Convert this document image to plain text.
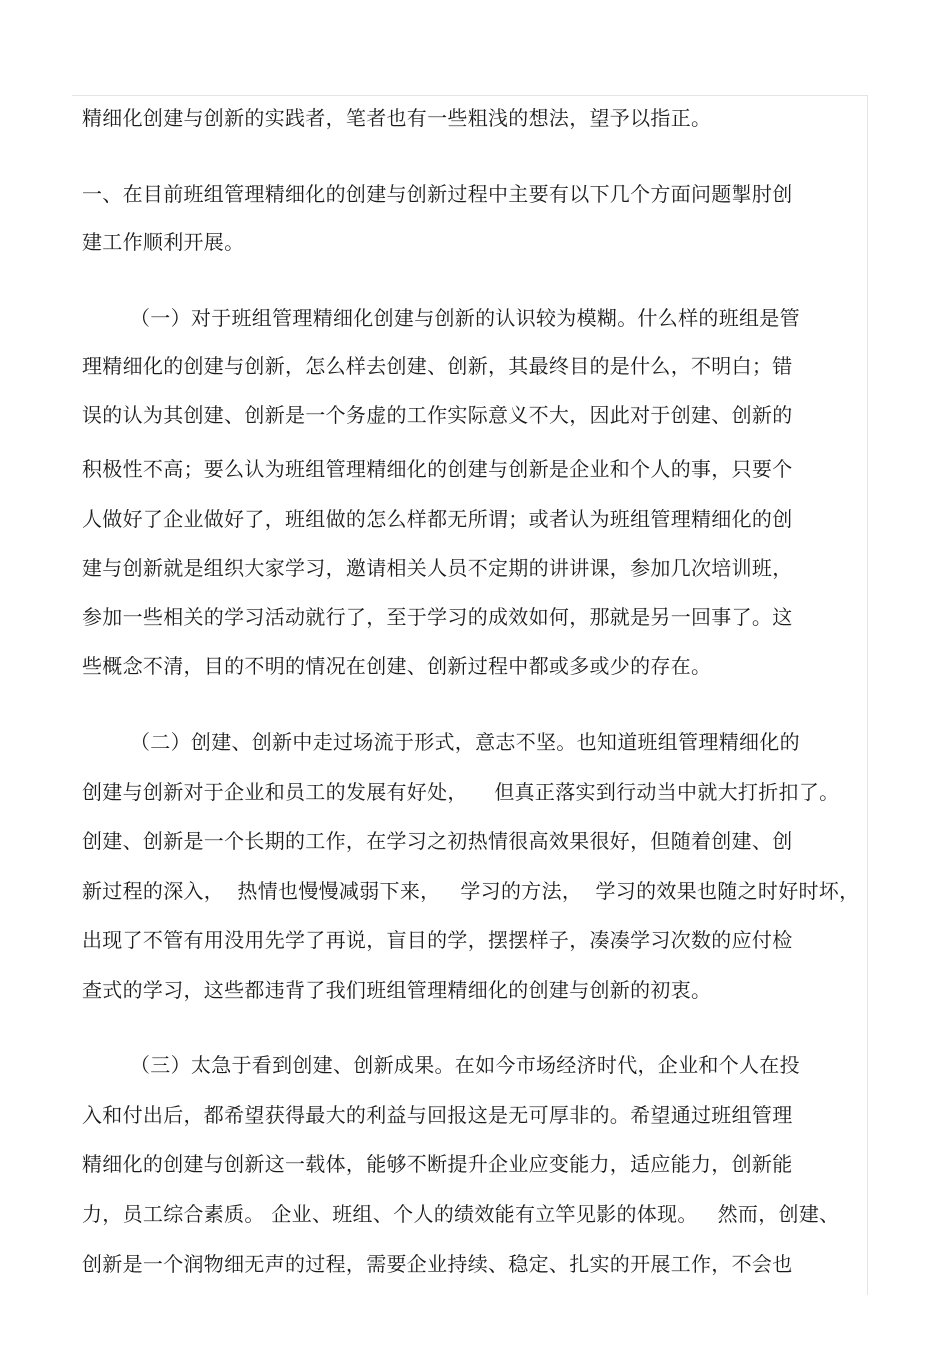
精细化创建与创新的实践者，笔者也有一些粗浅的想法，望予以指正。
一、在目前班组管理精细化的创建与创新过程中主要有以下几个方面问题掣肘创
建工作顺利开展。
（一）对于班组管理精细化创建与创新的认识较为模糊。什么样的班组是管
理精细化的创建与创新，怎么样去创建、创新，其最终目的是什么，不明白；错
误的认为其创建、创新是一个务虚的工作实际意义不大，因此对于创建、创新的
积极性不高；要么认为班组管理精细化的创建与创新是企业和个人的事，只要个
人做好了企业做好了，班组做的怎么样都无所谓；或者认为班组管理精细化的创
建与创新就是组织大家学习，邀请相关人员不定期的讲讲课，参加几次培训班，
参加一些相关的学习活动就行了，至于学习的成效如何，那就是另一回事了。这
些概念不清，目的不明的情况在创建、创新过程中都或多或少的存在。
（二）创建、创新中走过场流于形式，意志不坚。也知道班组管理精细化的
创建与创新对于企业和员工的发展有好处，    但真正落实到行动当中就大打折扣了。
创建、创新是一个长期的工作，在学习之初热情很高效果很好，但随着创建、创
新过程的深入，  热情也慢慢减弱下来，   学习的方法，  学习的效果也随之时好时坏，
出现了不管有用没用先学了再说，盲目的学，摆摆样子，凑凑学习次数的应付检
查式的学习，这些都违背了我们班组管理精细化的创建与创新的初衷。
（三）太急于看到创建、创新成果。在如今市场经济时代，企业和个人在投
入和付出后，都希望获得最大的利益与回报这是无可厚非的。希望通过班组管理
精细化的创建与创新这一载体，能够不断提升企业应变能力，适应能力，创新能
力，员工综合素质。 企业、班组、个人的绩效能有立竿见影的体现。   然而，创建、
创新是一个润物细无声的过程，需要企业持续、稳定、扎实的开展工作，不会也
